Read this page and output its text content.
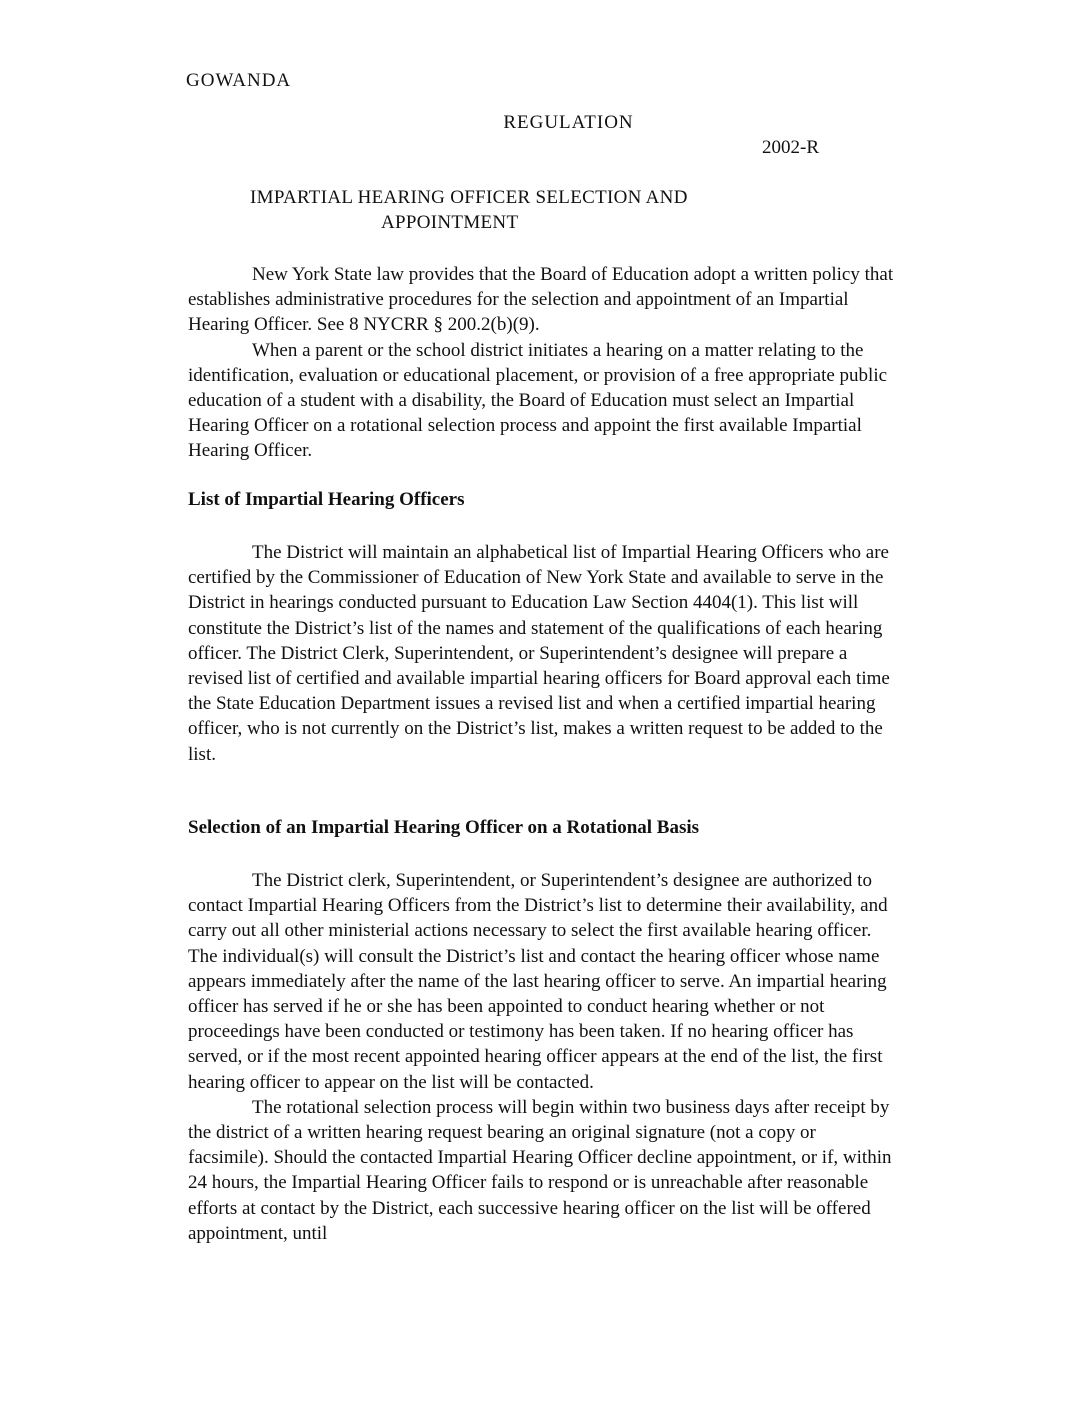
GOWANDA
REGULATION
2002-R
IMPARTIAL HEARING OFFICER SELECTION AND
APPOINTMENT

New York State law provides that the Board of Education adopt a written policy that establishes administrative procedures for the selection and appointment of an Impartial Hearing Officer. See 8 NYCRR § 200.2(b)(9).

When a parent or the school district initiates a hearing on a matter relating to the identification, evaluation or educational placement, or provision of a free appropriate public education of a student with a disability, the Board of Education must select an Impartial Hearing Officer on a rotational selection process and appoint the first available Impartial Hearing Officer.

List of Impartial Hearing Officers

The District will maintain an alphabetical list of Impartial Hearing Officers who are certified by the Commissioner of Education of New York State and available to serve in the District in hearings conducted pursuant to Education Law Section 4404(1). This list will constitute the District’s list of the names and statement of the qualifications of each hearing officer. The District Clerk, Superintendent, or Superintendent’s designee will prepare a revised list of certified and available impartial hearing officers for Board approval each time the State Education Department issues a revised list and when a certified impartial hearing officer, who is not currently on the District’s list, makes a written request to be added to the list.

Selection of an Impartial Hearing Officer on a Rotational Basis

The District clerk, Superintendent, or Superintendent’s designee are authorized to contact Impartial Hearing Officers from the District’s list to determine their availability, and carry out all other ministerial actions necessary to select the first available hearing officer. The individual(s) will consult the District’s list and contact the hearing officer whose name appears immediately after the name of the last hearing officer to serve. An impartial hearing officer has served if he or she has been appointed to conduct hearing whether or not proceedings have been conducted or testimony has been taken. If no hearing officer has served, or if the most recent appointed hearing officer appears at the end of the list, the first hearing officer to appear on the list will be contacted.

The rotational selection process will begin within two business days after receipt by the district of a written hearing request bearing an original signature (not a copy or facsimile). Should the contacted Impartial Hearing Officer decline appointment, or if, within 24 hours, the Impartial Hearing Officer fails to respond or is unreachable after reasonable efforts at contact by the District, each successive hearing officer on the list will be offered appointment, until
